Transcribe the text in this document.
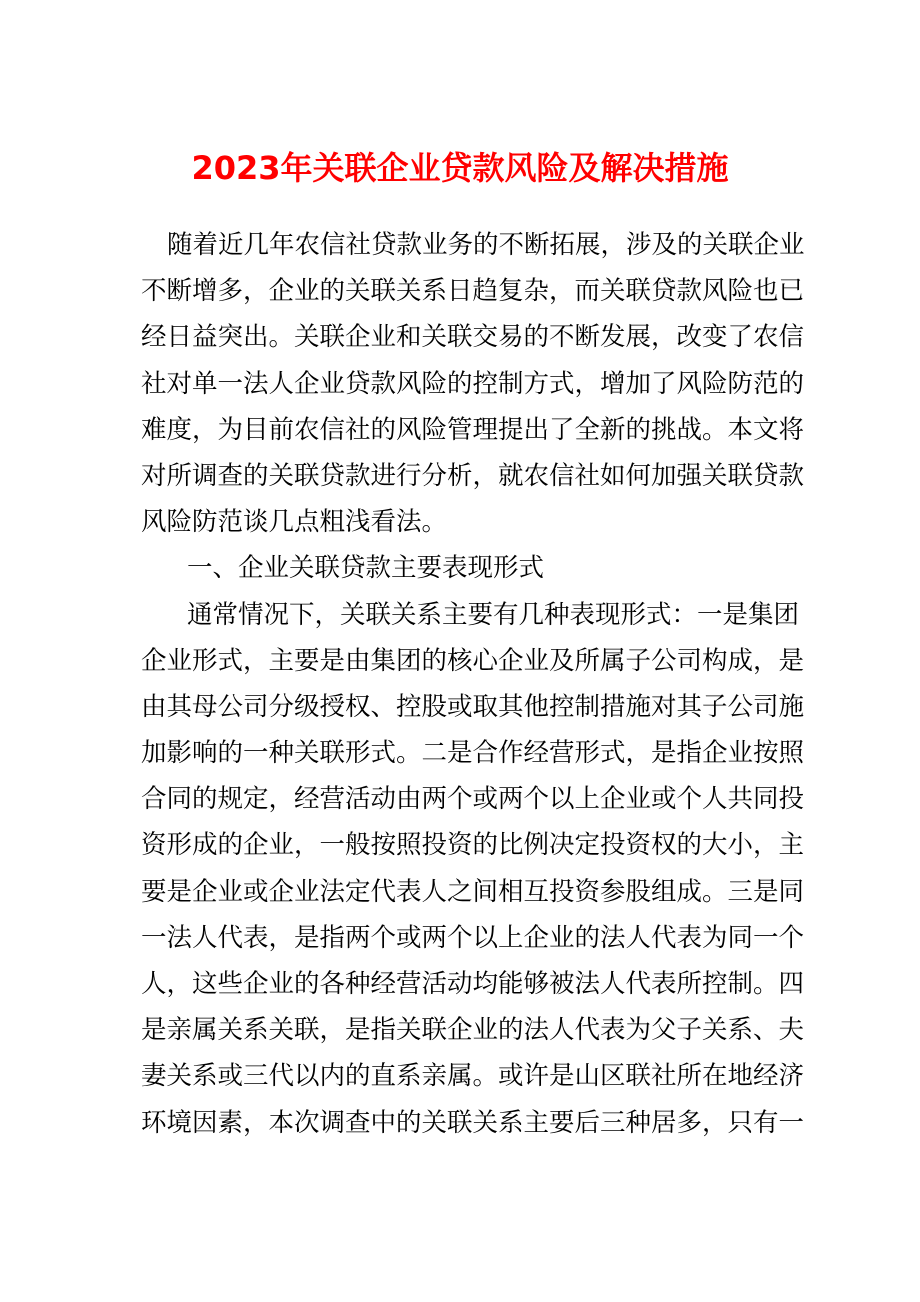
2023年关联企业贷款风险及解决措施
随着近几年农信社贷款业务的不断拓展，涉及的关联企业
不断增多，企业的关联关系日趋复杂，而关联贷款风险也已
经日益突出。关联企业和关联交易的不断发展，改变了农信
社对单一法人企业贷款风险的控制方式，增加了风险防范的
难度，为目前农信社的风险管理提出了全新的挑战。本文将
对所调查的关联贷款进行分析，就农信社如何加强关联贷款
风险防范谈几点粗浅看法。
一、企业关联贷款主要表现形式
通常情况下，关联关系主要有几种表现形式：一是集团
企业形式，主要是由集团的核心企业及所属子公司构成，是
由其母公司分级授权、控股或取其他控制措施对其子公司施
加影响的一种关联形式。二是合作经营形式，是指企业按照
合同的规定，经营活动由两个或两个以上企业或个人共同投
资形成的企业，一般按照投资的比例决定投资权的大小，主
要是企业或企业法定代表人之间相互投资参股组成。三是同
一法人代表，是指两个或两个以上企业的法人代表为同一个
人，这些企业的各种经营活动均能够被法人代表所控制。四
是亲属关系关联，是指关联企业的法人代表为父子关系、夫
妻关系或三代以内的直系亲属。或许是山区联社所在地经济
环境因素，本次调查中的关联关系主要后三种居多，只有一
